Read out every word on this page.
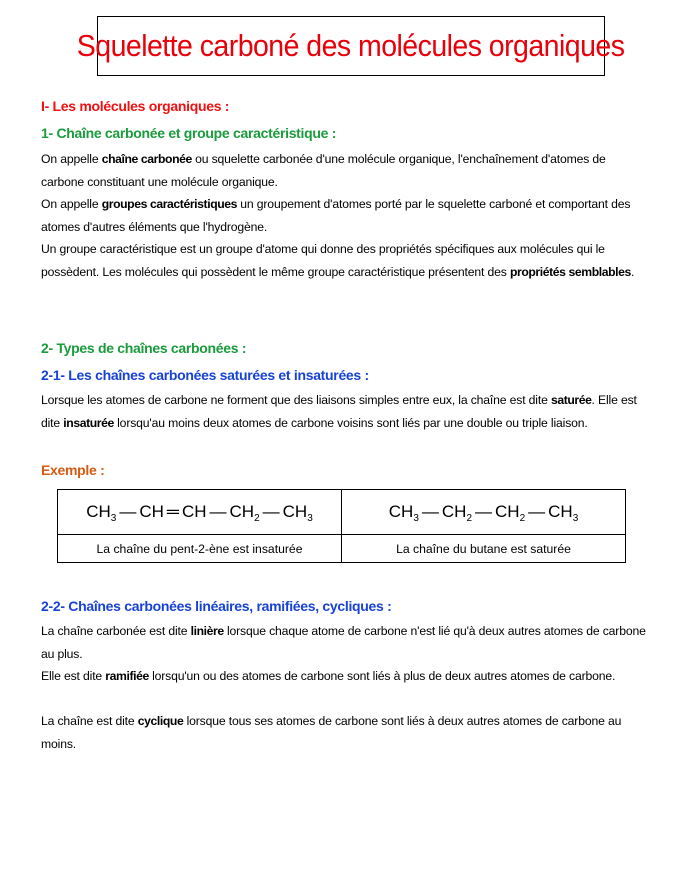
Squelette carboné des molécules organiques
I- Les molécules organiques :
1- Chaîne carbonée et groupe caractéristique :
On appelle chaîne carbonée ou squelette carbonée d'une molécule organique, l'enchaînement d'atomes de carbone constituant une molécule organique.
On appelle groupes caractéristiques un groupement d'atomes porté par le squelette carboné et comportant des atomes d'autres éléments que l'hydrogène.
Un groupe caractéristique est un groupe d'atome qui donne des propriétés spécifiques aux molécules qui le possèdent. Les molécules qui possèdent le même groupe caractéristique présentent des propriétés semblables.
2- Types de chaînes carbonées :
2-1- Les chaînes carbonées saturées et insaturées :
Lorsque les atomes de carbone ne forment que des liaisons simples entre eux, la chaîne est dite saturée. Elle est dite insaturée lorsqu'au moins deux atomes de carbone voisins sont liés par une double ou triple liaison.
Exemple :
$CH_3$ — CH ═ CH — $CH_2$ — $CH_3$	$CH_3$ — $CH_2$ — $CH_2$ — $CH_3$
La chaîne du pent-2-ène est insaturée	La chaîne du butane est saturée
2-2- Chaînes carbonées linéaires, ramifiées, cycliques :
La chaîne carbonée est dite linière lorsque chaque atome de carbone n'est lié qu'à deux autres atomes de carbone au plus.
Elle est dite ramifiée lorsqu'un ou des atomes de carbone sont liés à plus de deux autres atomes de carbone.
La chaîne est dite cyclique lorsque tous ses atomes de carbone sont liés à deux autres atomes de carbone au moins.
